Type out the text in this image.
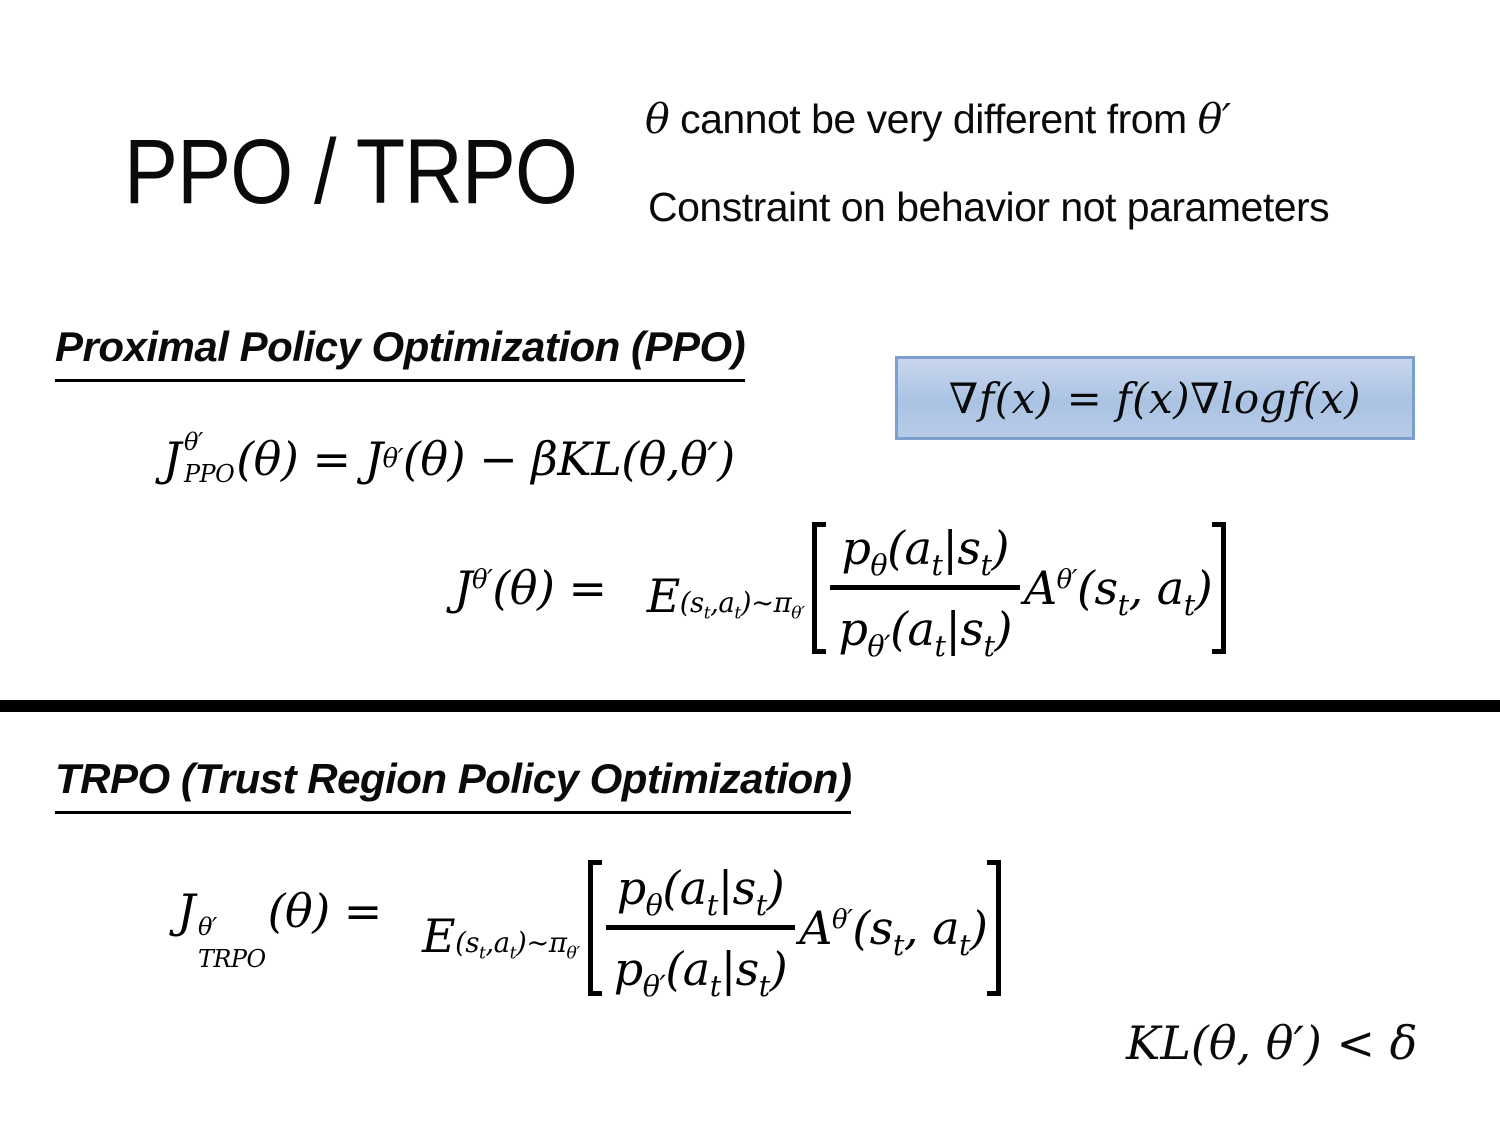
PPO / TRPO
θ cannot be very different from θ′
Constraint on behavior not parameters
Proximal Policy Optimization (PPO)
∇f(x) = f(x)∇logf(x)
J θ′
PPO (θ) = J θ′ (θ) − βKL(θ,θ′)
$J^{\theta'}(\theta)$ = $E(s_t,a_t)\sim\pi_{\theta'} \frac{p_\theta(a_t|s_t)}{p_{\theta'}(a_t|s_t)} A^{\theta'}(s_t$, $a_t$)
TRPO (Trust Region Policy Optimization)
J θ′
TRPO
$(\theta) = E(s_t,a_t)\sim\pi_{\theta'} \frac{p_\theta(a_t|s_t)}{p_{\theta'}(a_t|s_t)} A^{\theta'}(s_t$, $a_t$)
KL(θ, θ′) < δ
